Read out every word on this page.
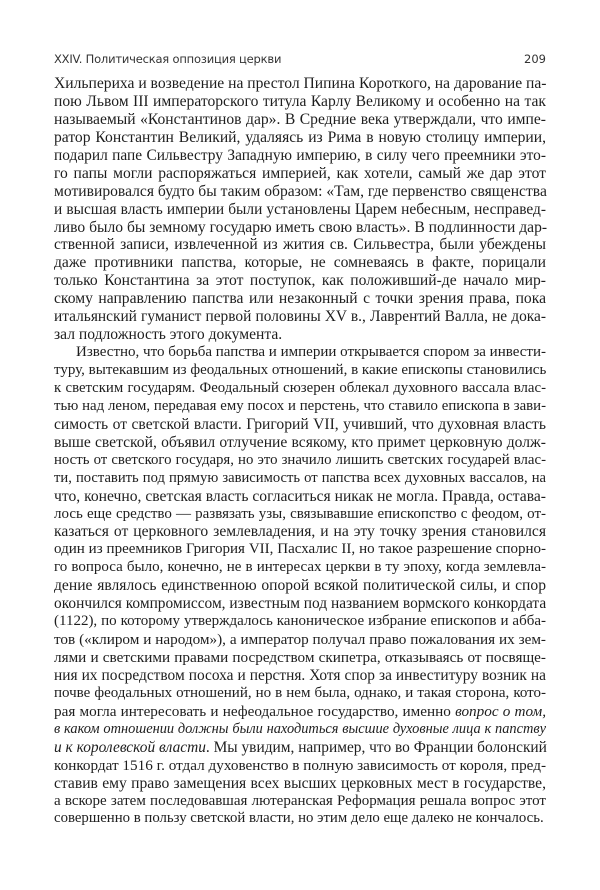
XXIV. Политическая оппозиция церкви	209
Хильпериха и возведение на престол Пипина Короткого, на дарование па-
пою Львом III императорского титула Карлу Великому и особенно на так
называемый «Константинов дар». В Средние века утверждали, что импе-
ратор Константин Великий, удаляясь из Рима в новую столицу империи,
подарил папе Сильвестру Западную империю, в силу чего преемники это-
го папы могли распоряжаться империей, как хотели, самый же дар этот
мотивировался будто бы таким образом: «Там, где первенство священства
и высшая власть империи были установлены Царем небесным, несправед-
ливо было бы земному государю иметь свою власть». В подлинности дар-
ственной записи, извлеченной из жития св. Сильвестра, были убеждены
даже противники папства, которые, не сомневаясь в факте, порицали
только Константина за этот поступок, как положивший-де начало мир-
скому направлению папства или незаконный с точки зрения права, пока
итальянский гуманист первой половины XV в., Лаврентий Валла, не дока-
зал подложность этого документа.
Известно, что борьба папства и империи открывается спором за инвести-
туру, вытекавшим из феодальных отношений, в какие епископы становились
к светским государям. Феодальный сюзерен облекал духовного вассала влас-
тью над леном, передавая ему посох и перстень, что ставило епископа в зави-
симость от светской власти. Григорий VII, учивший, что духовная власть
выше светской, объявил отлучение всякому, кто примет церковную долж-
ность от светского государя, но это значило лишить светских государей влас-
ти, поставить под прямую зависимость от папства всех духовных вассалов, на
что, конечно, светская власть согласиться никак не могла. Правда, остава-
лось еще средство — развязать узы, связывавшие епископство с феодом, от-
казаться от церковного землевладения, и на эту точку зрения становился
один из преемников Григория VII, Пасхалис II, но такое разрешение спорно-
го вопроса было, конечно, не в интересах церкви в ту эпоху, когда землевла-
дение являлось единственною опорой всякой политической силы, и спор
окончился компромиссом, известным под названием вормского конкордата
(1122), по которому утверждалось каноническое избрание епископов и абба-
тов («клиром и народом»), а император получал право пожалования их зем-
лями и светскими правами посредством скипетра, отказываясь от посвяще-
ния их посредством посоха и перстня. Хотя спор за инвеституру возник на
почве феодальных отношений, но в нем была, однако, и такая сторона, кото-
рая могла интересовать и нефеодальное государство, именно вопрос о том,
в каком отношении должны были находиться высшие духовные лица к папству
и к королевской власти. Мы увидим, например, что во Франции болонский
конкордат 1516 г. отдал духовенство в полную зависимость от короля, пред-
ставив ему право замещения всех высших церковных мест в государстве,
а вскоре затем последовавшая лютеранская Реформация решала вопрос этот
совершенно в пользу светской власти, но этим дело еще далеко не кончалось.
